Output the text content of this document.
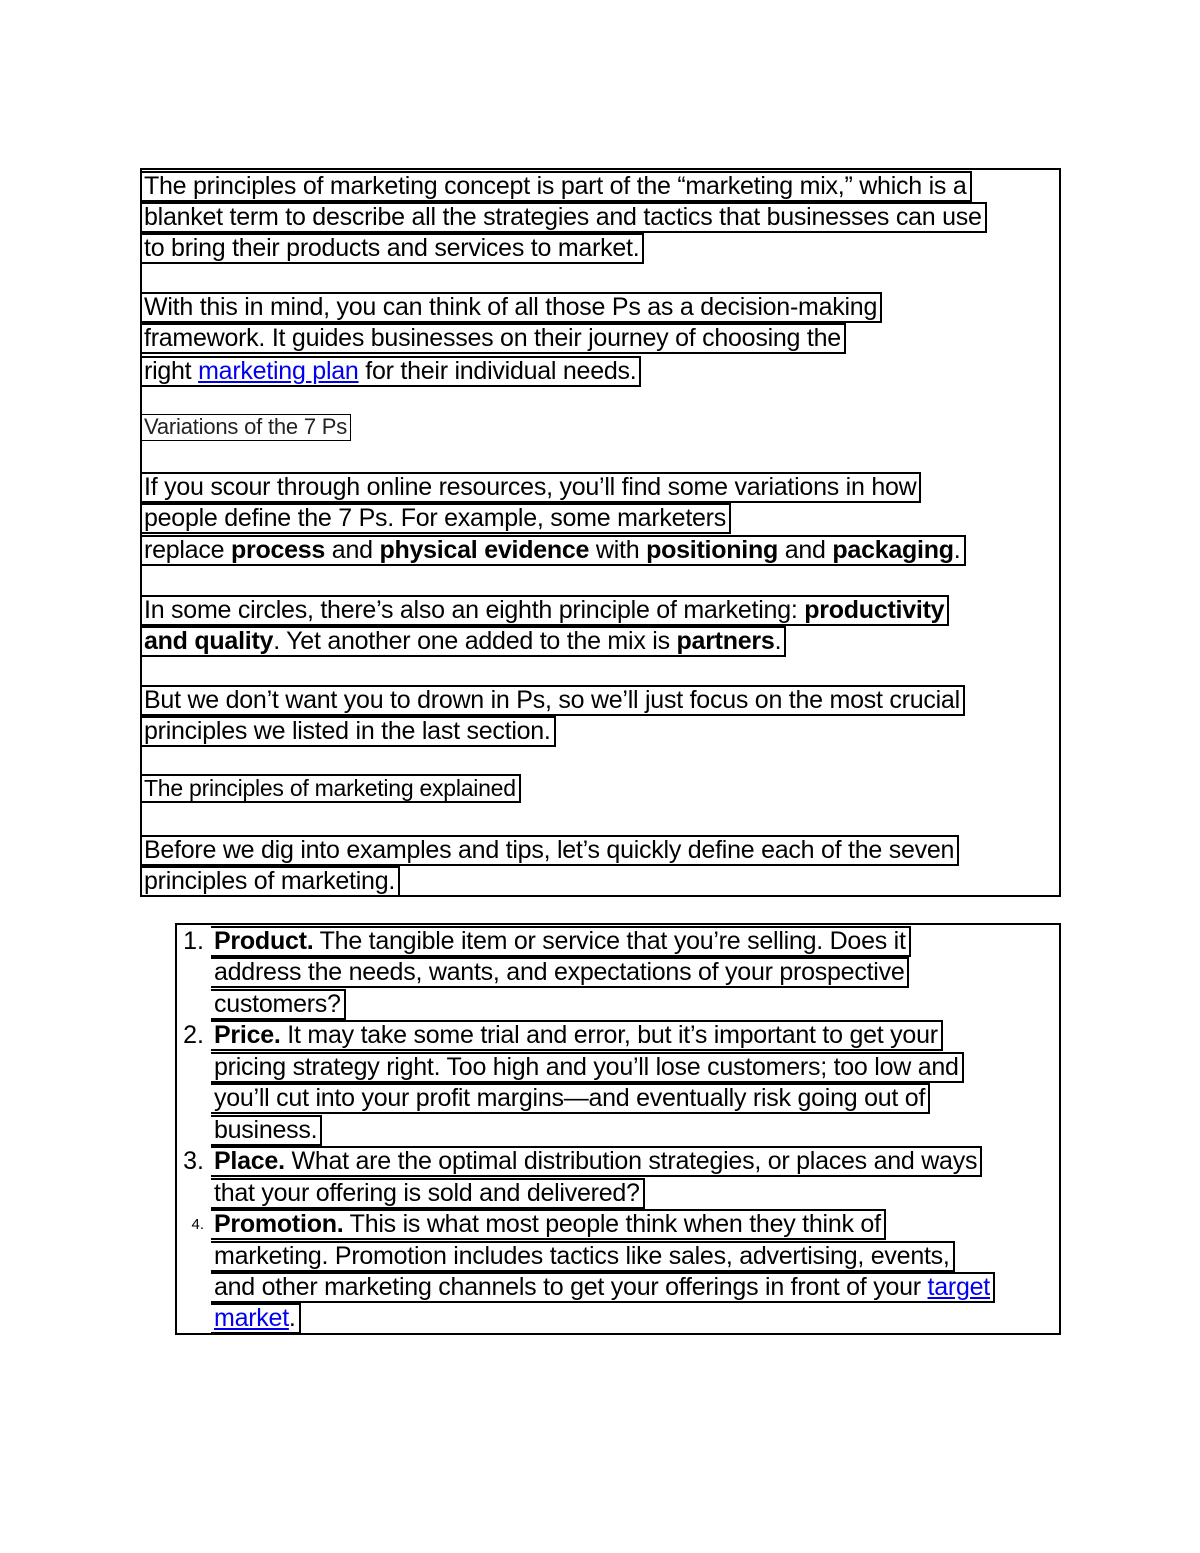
The principles of marketing concept is part of the “marketing mix,” which is a
blanket term to describe all the strategies and tactics that businesses can use
to bring their products and services to market.
With this in mind, you can think of all those Ps as a decision-making
framework. It guides businesses on their journey of choosing the
right marketing plan for their individual needs.
Variations of the 7 Ps
If you scour through online resources, you’ll find some variations in how
people define the 7 Ps. For example, some marketers
replace process and physical evidence with positioning and packaging.
In some circles, there’s also an eighth principle of marketing: productivity
and quality. Yet another one added to the mix is partners.
But we don’t want you to drown in Ps, so we’ll just focus on the most crucial
principles we listed in the last section.
The principles of marketing explained
Before we dig into examples and tips, let’s quickly define each of the seven
principles of marketing.
1. Product. The tangible item or service that you’re selling. Does it
address the needs, wants, and expectations of your prospective
customers?
2. Price. It may take some trial and error, but it’s important to get your
pricing strategy right. Too high and you’ll lose customers; too low and
you’ll cut into your profit margins—and eventually risk going out of
business.
3. Place. What are the optimal distribution strategies, or places and ways
that your offering is sold and delivered?
4. Promotion. This is what most people think when they think of
marketing. Promotion includes tactics like sales, advertising, events,
and other marketing channels to get your offerings in front of your target
market.
